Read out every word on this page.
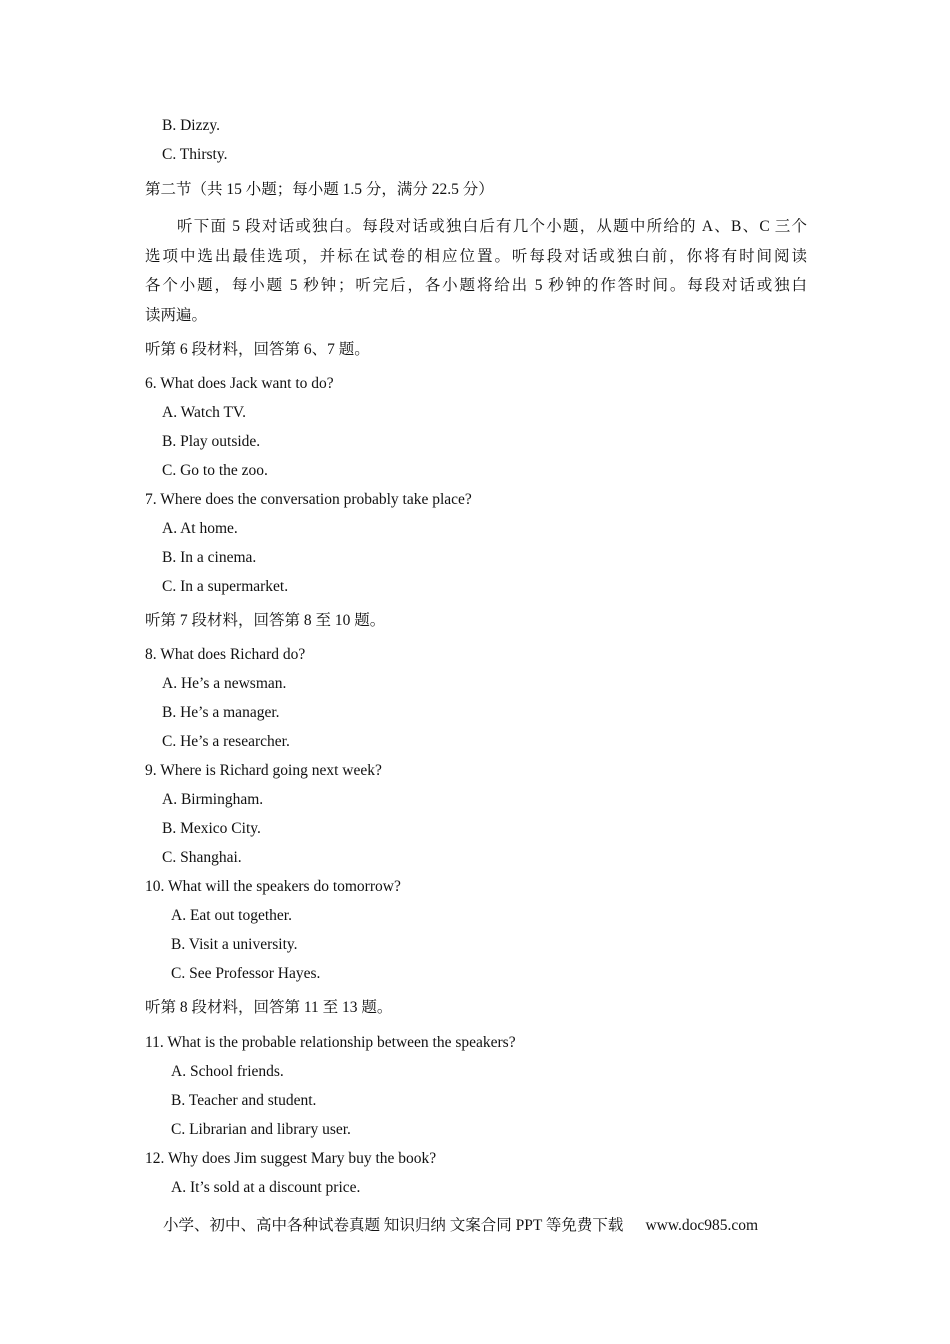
B. Dizzy.
C. Thirsty.
第二节（共 15 小题；每小题 1.5 分，满分 22.5 分）
听下面 5 段对话或独白。每段对话或独白后有几个小题，从题中所给的 A、B、C 三个
选项中选出最佳选项，并标在试卷的相应位置。听每段对话或独白前，你将有时间阅读
各个小题，每小题 5 秒钟；听完后，各小题将给出 5 秒钟的作答时间。每段对话或独白
读两遍。
听第 6 段材料，回答第 6、7 题。
6. What does Jack want to do?
A. Watch TV.
B. Play outside.
C. Go to the zoo.
7. Where does the conversation probably take place?
A. At home.
B. In a cinema.
C. In a supermarket.
听第 7 段材料，回答第 8 至 10 题。
8. What does Richard do?
A. He’s a newsman.
B. He’s a manager.
C. He’s a researcher.
9. Where is Richard going next week?
A. Birmingham.
B. Mexico City.
C. Shanghai.
10. What will the speakers do tomorrow?
A. Eat out together.
B. Visit a university.
C. See Professor Hayes.
听第 8 段材料，回答第 11 至 13 题。
11. What is the probable relationship between the speakers?
A. School friends.
B. Teacher and student.
C. Librarian and library user.
12. Why does Jim suggest Mary buy the book?
A. It’s sold at a discount price.
小学、初中、高中各种试卷真题 知识归纳 文案合同 PPT 等免费下载 www.doc985.com
